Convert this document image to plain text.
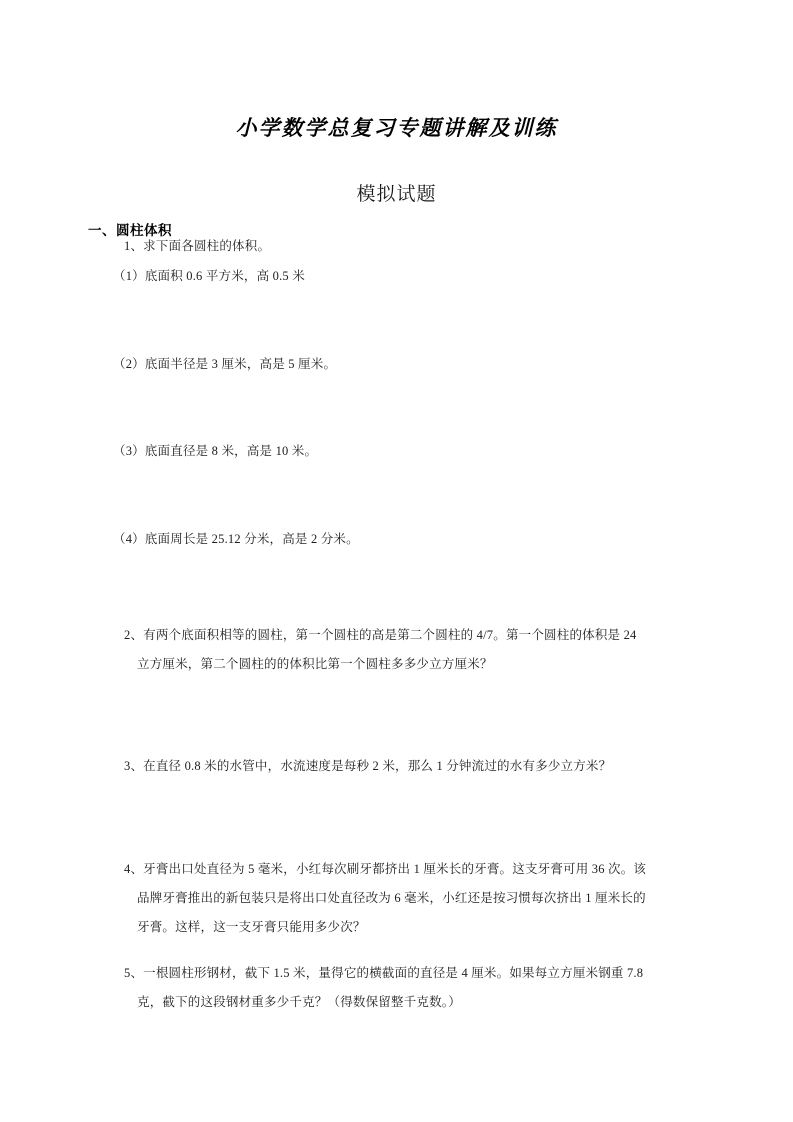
小学数学总复习专题讲解及训练
模拟试题
一、圆柱体积
1、求下面各圆柱的体积。
（1）底面积 0.6 平方米，高 0.5 米
（2）底面半径是 3 厘米，高是 5 厘米。
（3）底面直径是 8 米，高是 10 米。
（4）底面周长是 25.12 分米，高是 2 分米。
2、有两个底面积相等的圆柱，第一个圆柱的高是第二个圆柱的 4/7。第一个圆柱的体积是 24
立方厘米，第二个圆柱的的体积比第一个圆柱多多少立方厘米？
3、在直径 0.8 米的水管中，水流速度是每秒 2 米，那么 1 分钟流过的水有多少立方米？
4、牙膏出口处直径为 5 毫米，小红每次刷牙都挤出 1 厘米长的牙膏。这支牙膏可用 36 次。该
品牌牙膏推出的新包装只是将出口处直径改为 6 毫米，小红还是按习惯每次挤出 1 厘米长的
牙膏。这样，这一支牙膏只能用多少次？
5、一根圆柱形钢材，截下 1.5 米，量得它的横截面的直径是 4 厘米。如果每立方厘米钢重 7.8
克，截下的这段钢材重多少千克？（得数保留整千克数。）
